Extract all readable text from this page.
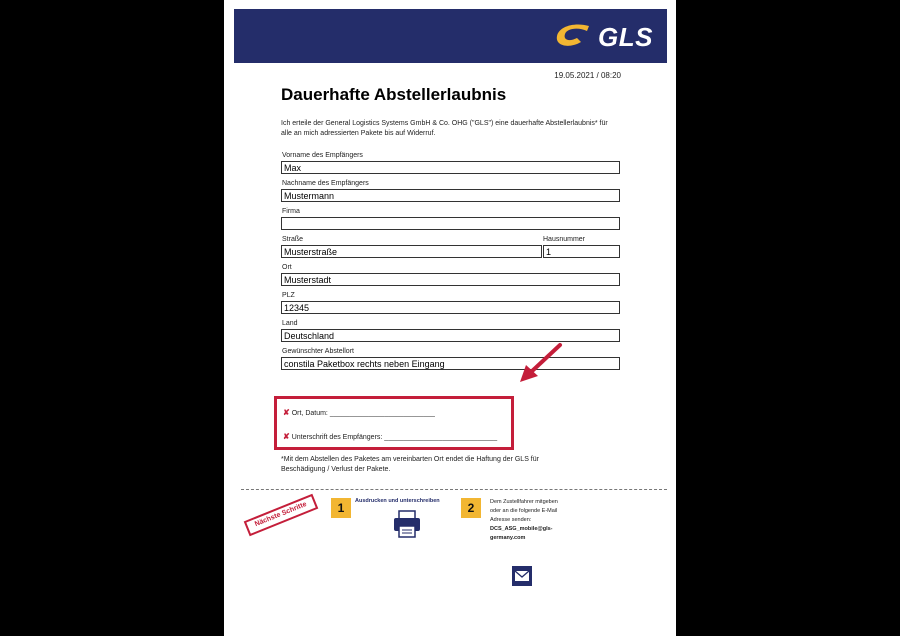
GLS
19.05.2021 / 08:20
Dauerhafte Abstellerlaubnis
Ich erteile der General Logistics Systems GmbH & Co. OHG ("GLS") eine dauerhafte Abstellerlaubnis* für alle an mich adressierten Pakete bis auf Widerruf.
Vorname des Empfängers
Max
Nachname des Empfängers
Mustermann
Firma
Straße	Hausnummer
Musterstraße	1
Ort
Musterstadt
PLZ
12345
Land
Deutschland
Gewünschter Abstellort
constila Paketbox rechts neben Eingang
✘ Ort, Datum: ___________________________
✘ Unterschrift des Empfängers: _____________________________
*Mit dem Abstellen des Paketes am vereinbarten Ort endet die Haftung der GLS für Beschädigung / Verlust der Pakete.
Nächste Schritte	1	Ausdrucken und unterschreiben	2	Dem Zustellfahrer mitgeben oder an die folgende E-Mail Adresse senden:
DCS_ASG_mobile@gls-germany.com
